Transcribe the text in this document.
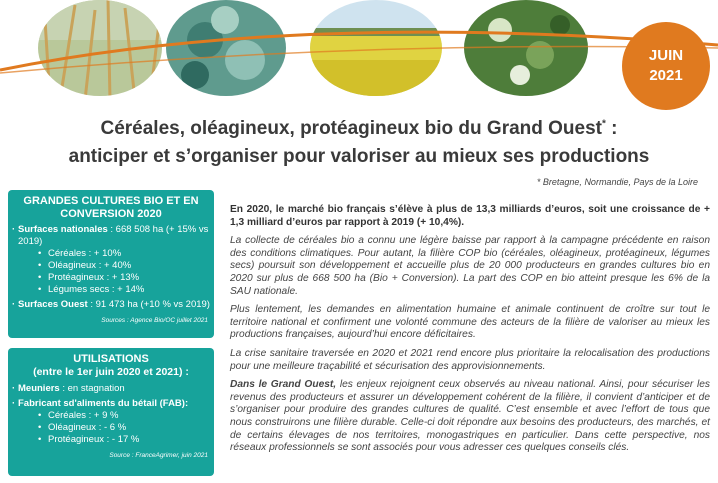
JUIN
2021
Céréales, oléagineux, protéagineux bio du Grand Ouest* :
anticiper et s’organiser pour valoriser au mieux ses productions
* Bretagne, Normandie, Pays de la Loire
GRANDES CULTURES BIO ET EN CONVERSION 2020
· Surfaces nationales : 668 508 ha (+ 15% vs 2019)
• Céréales : + 10%
• Oléagineux : + 40%
• Protéagineux : + 13%
• Légumes secs : + 14%
· Surfaces Ouest : 91 473 ha (+10 % vs 2019)
Sources : Agence Bio/OC juillet 2021
UTILISATIONS
(entre le 1er juin 2020 et 2021) :
· Meuniers : en stagnation
· Fabricant sd'aliments du bétail (FAB):
• Céréales : + 9 %
• Oléagineux : - 6 %
• Protéagineux : - 17 %
Source : FranceAgrimer, juin 2021

En 2020, le marché bio français s’élève à plus de 13,3 milliards d’euros, soit une croissance de + 1,3 milliard d’euros par rapport à 2019 (+ 10,4%).

La collecte de céréales bio a connu une légère baisse par rapport à la campagne précédente en raison des conditions climatiques. Pour autant, la filière COP bio (céréales, oléagineux, protéagineux, légumes secs) poursuit son développement et accueille plus de 20 000 producteurs en grandes cultures bio en 2020 sur plus de 668 500 ha (Bio + Conversion). La part des COP en bio atteint presque les 6% de la SAU nationale.

Plus lentement, les demandes en alimentation humaine et animale continuent de croître sur tout le territoire national et confirment une volonté commune des acteurs de la filière de valoriser au mieux les productions françaises, aujourd’hui encore déficitaires.

La crise sanitaire traversée en 2020 et 2021 rend encore plus prioritaire la relocalisation des productions pour une meilleure traçabilité et sécurisation des approvisionnements.

Dans le Grand Ouest, les enjeux rejoignent ceux observés au niveau national. Ainsi, pour sécuriser les revenus des producteurs et assurer un développement cohérent de la filière, il convient d’anticiper et de s’organiser pour produire des grandes cultures de qualité. C’est ensemble et avec l’effort de tous que nous construirons une filière durable. Celle-ci doit répondre aux besoins des producteurs, des marchés, et de certains élevages de nos territoires, monogastriques en particulier. Dans cette perspective, nos réseaux professionnels se sont associés pour vous adresser ces quelques conseils clés.
